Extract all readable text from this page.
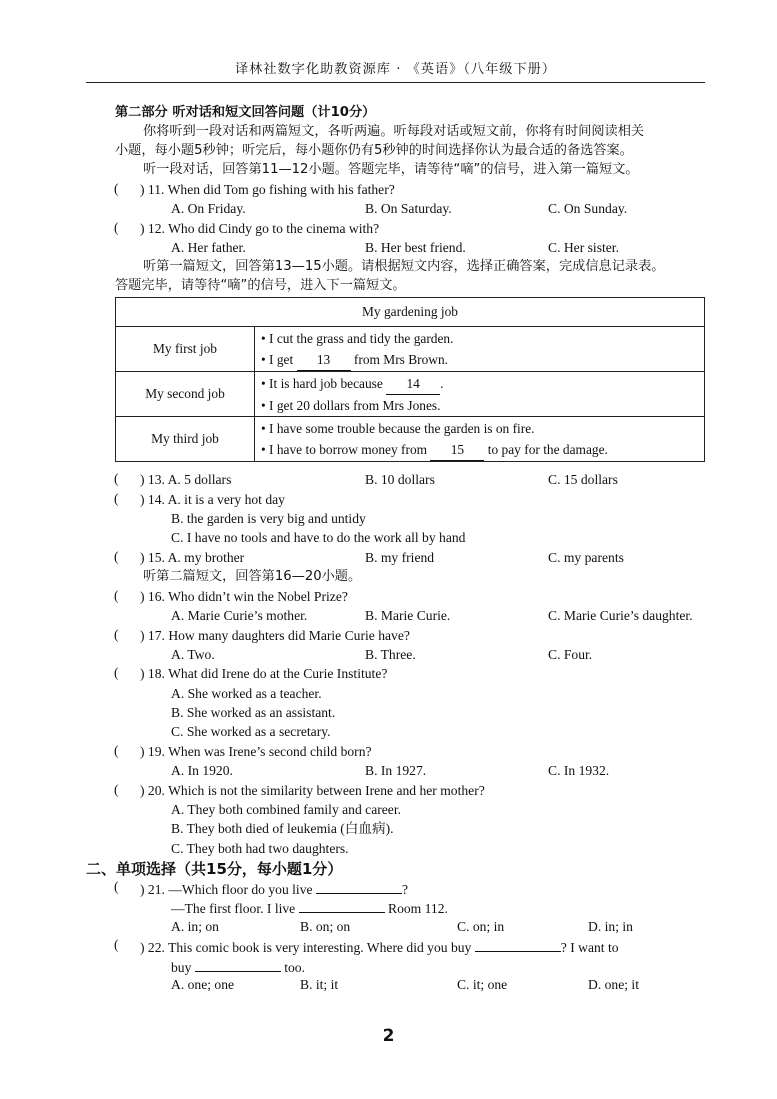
译林社数字化助教资源库 · 《英语》（八年级下册）
第二部分 听对话和短文回答问题（计10分）
你将听到一段对话和两篇短文，各听两遍。听每段对话或短文前，你将有时间阅读相关
小题，每小题5秒钟；听完后，每小题你仍有5秒钟的时间选择你认为最合适的备选答案。
听一段对话，回答第11—12小题。答题完毕，请等待“嘀”的信号，进入第一篇短文。
( ) 11. When did Tom go fishing with his father?
A. On Friday.	B. On Saturday.	C. On Sunday.
( ) 12. Who did Cindy go to the cinema with?
A. Her father.	B. Her best friend.	C. Her sister.
听第一篇短文，回答第13—15小题。请根据短文内容，选择正确答案，完成信息记录表。
答题完毕，请等待“嘀”的信号，进入下一篇短文。
My gardening job	
My first job	• I cut the grass and tidy the garden.
• I get 13 from Mrs Brown.

My second job	• It is hard job because 14 .
• I get 20 dollars from Mrs Jones.

My third job	• I have some trouble because the garden is on fire.
• I have to borrow money from 15 to pay for the damage.
( ) 13. A. 5 dollars	B. 10 dollars	C. 15 dollars
( ) 14. A. it is a very hot day
B. the garden is very big and untidy
C. I have no tools and have to do the work all by hand
( ) 15. A. my brother	B. my friend	C. my parents
听第二篇短文，回答第16—20小题。
( ) 16. Who didn’t win the Nobel Prize?
A. Marie Curie’s mother.	B. Marie Curie.	C. Marie Curie’s daughter.
( ) 17. How many daughters did Marie Curie have?
A. Two.	B. Three.	C. Four.
( ) 18. What did Irene do at the Curie Institute?
A. She worked as a teacher.
B. She worked as an assistant.
C. She worked as a secretary.
( ) 19. When was Irene’s second child born?
A. In 1920.	B. In 1927.	C. In 1932.
( ) 20. Which is not the similarity between Irene and her mother?
A. They both combined family and career.
B. They both died of leukemia (白血病).
C. They both had two daughters.
二、单项选择（共15分，每小题1分）
( ) 21. —Which floor do you live	?
—The first floor. I live	Room 112.
A. in; on	B. on; on	C. on; in	D. in; in
( ) 22. This comic book is very interesting. Where did you buy	? I want to
buy	too.
A. one; one	B. it; it	C. it; one	D. one; it
2
